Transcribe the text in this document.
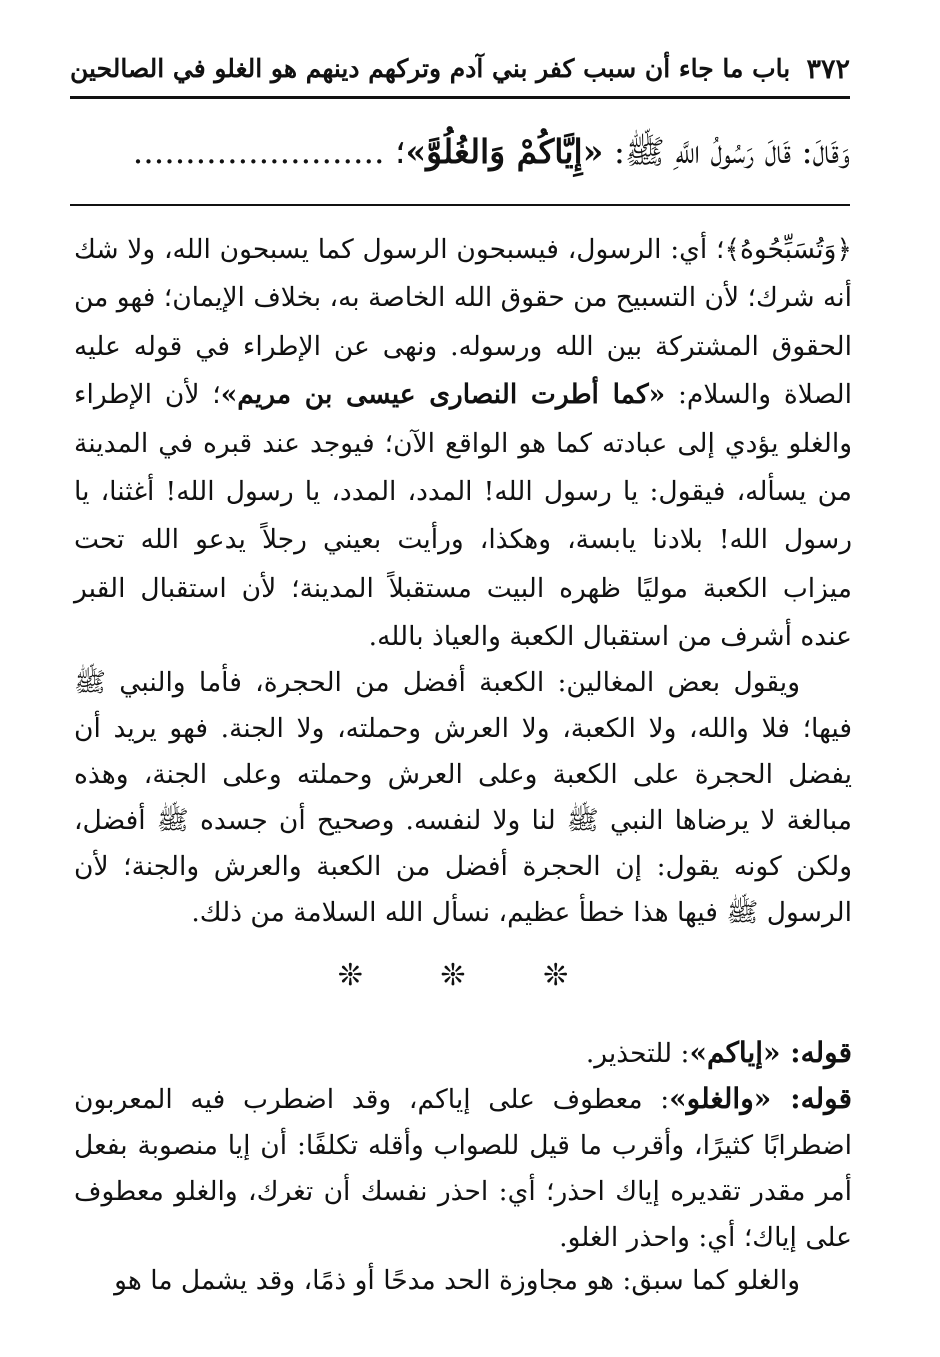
٣٧٢
باب ما جاء أن سبب كفر بني آدم وتركهم دينهم هو الغلو في الصالحين
وَقَالَ: قَالَ رَسُولُ اللَّهِ ﷺ: «إِيَّاكُمْ وَالغُلُوَّ»؛ ........................
﴿وَتُسَبِّحُوهُ﴾؛ أي: الرسول، فيسبحون الرسول كما يسبحون الله، ولا شك أنه شرك؛ لأن التسبيح من حقوق الله الخاصة به، بخلاف الإيمان؛ فهو من الحقوق المشتركة بين الله ورسوله. ونهى عن الإطراء في قوله عليه الصلاة والسلام: «كما أطرت النصارى عيسى بن مريم»؛ لأن الإطراء والغلو يؤدي إلى عبادته كما هو الواقع الآن؛ فيوجد عند قبره في المدينة من يسأله، فيقول: يا رسول الله! المدد، المدد، يا رسول الله! أغثنا، يا رسول الله! بلادنا يابسة، وهكذا، ورأيت بعيني رجلاً يدعو الله تحت ميزاب الكعبة موليًا ظهره البيت مستقبلاً المدينة؛ لأن استقبال القبر عنده أشرف من استقبال الكعبة والعياذ بالله.
ويقول بعض المغالين: الكعبة أفضل من الحجرة، فأما والنبي ﷺ فيها؛ فلا والله، ولا الكعبة، ولا العرش وحملته، ولا الجنة. فهو يريد أن يفضل الحجرة على الكعبة وعلى العرش وحملته وعلى الجنة، وهذه مبالغة لا يرضاها النبي ﷺ لنا ولا لنفسه. وصحيح أن جسده ﷺ أفضل، ولكن كونه يقول: إن الحجرة أفضل من الكعبة والعرش والجنة؛ لأن الرسول ﷺ فيها هذا خطأ عظيم، نسأل الله السلامة من ذلك.
❊ ❊ ❊
قوله: «إياكم»: للتحذير.
قوله: «والغلو»: معطوف على إياكم، وقد اضطرب فيه المعربون اضطرابًا كثيرًا، وأقرب ما قيل للصواب وأقله تكلفًا: أن إيا منصوبة بفعل أمر مقدر تقديره إياك احذر؛ أي: احذر نفسك أن تغرك، والغلو معطوف على إياك؛ أي: واحذر الغلو.
والغلو كما سبق: هو مجاوزة الحد مدحًا أو ذمًا، وقد يشمل ما هو
